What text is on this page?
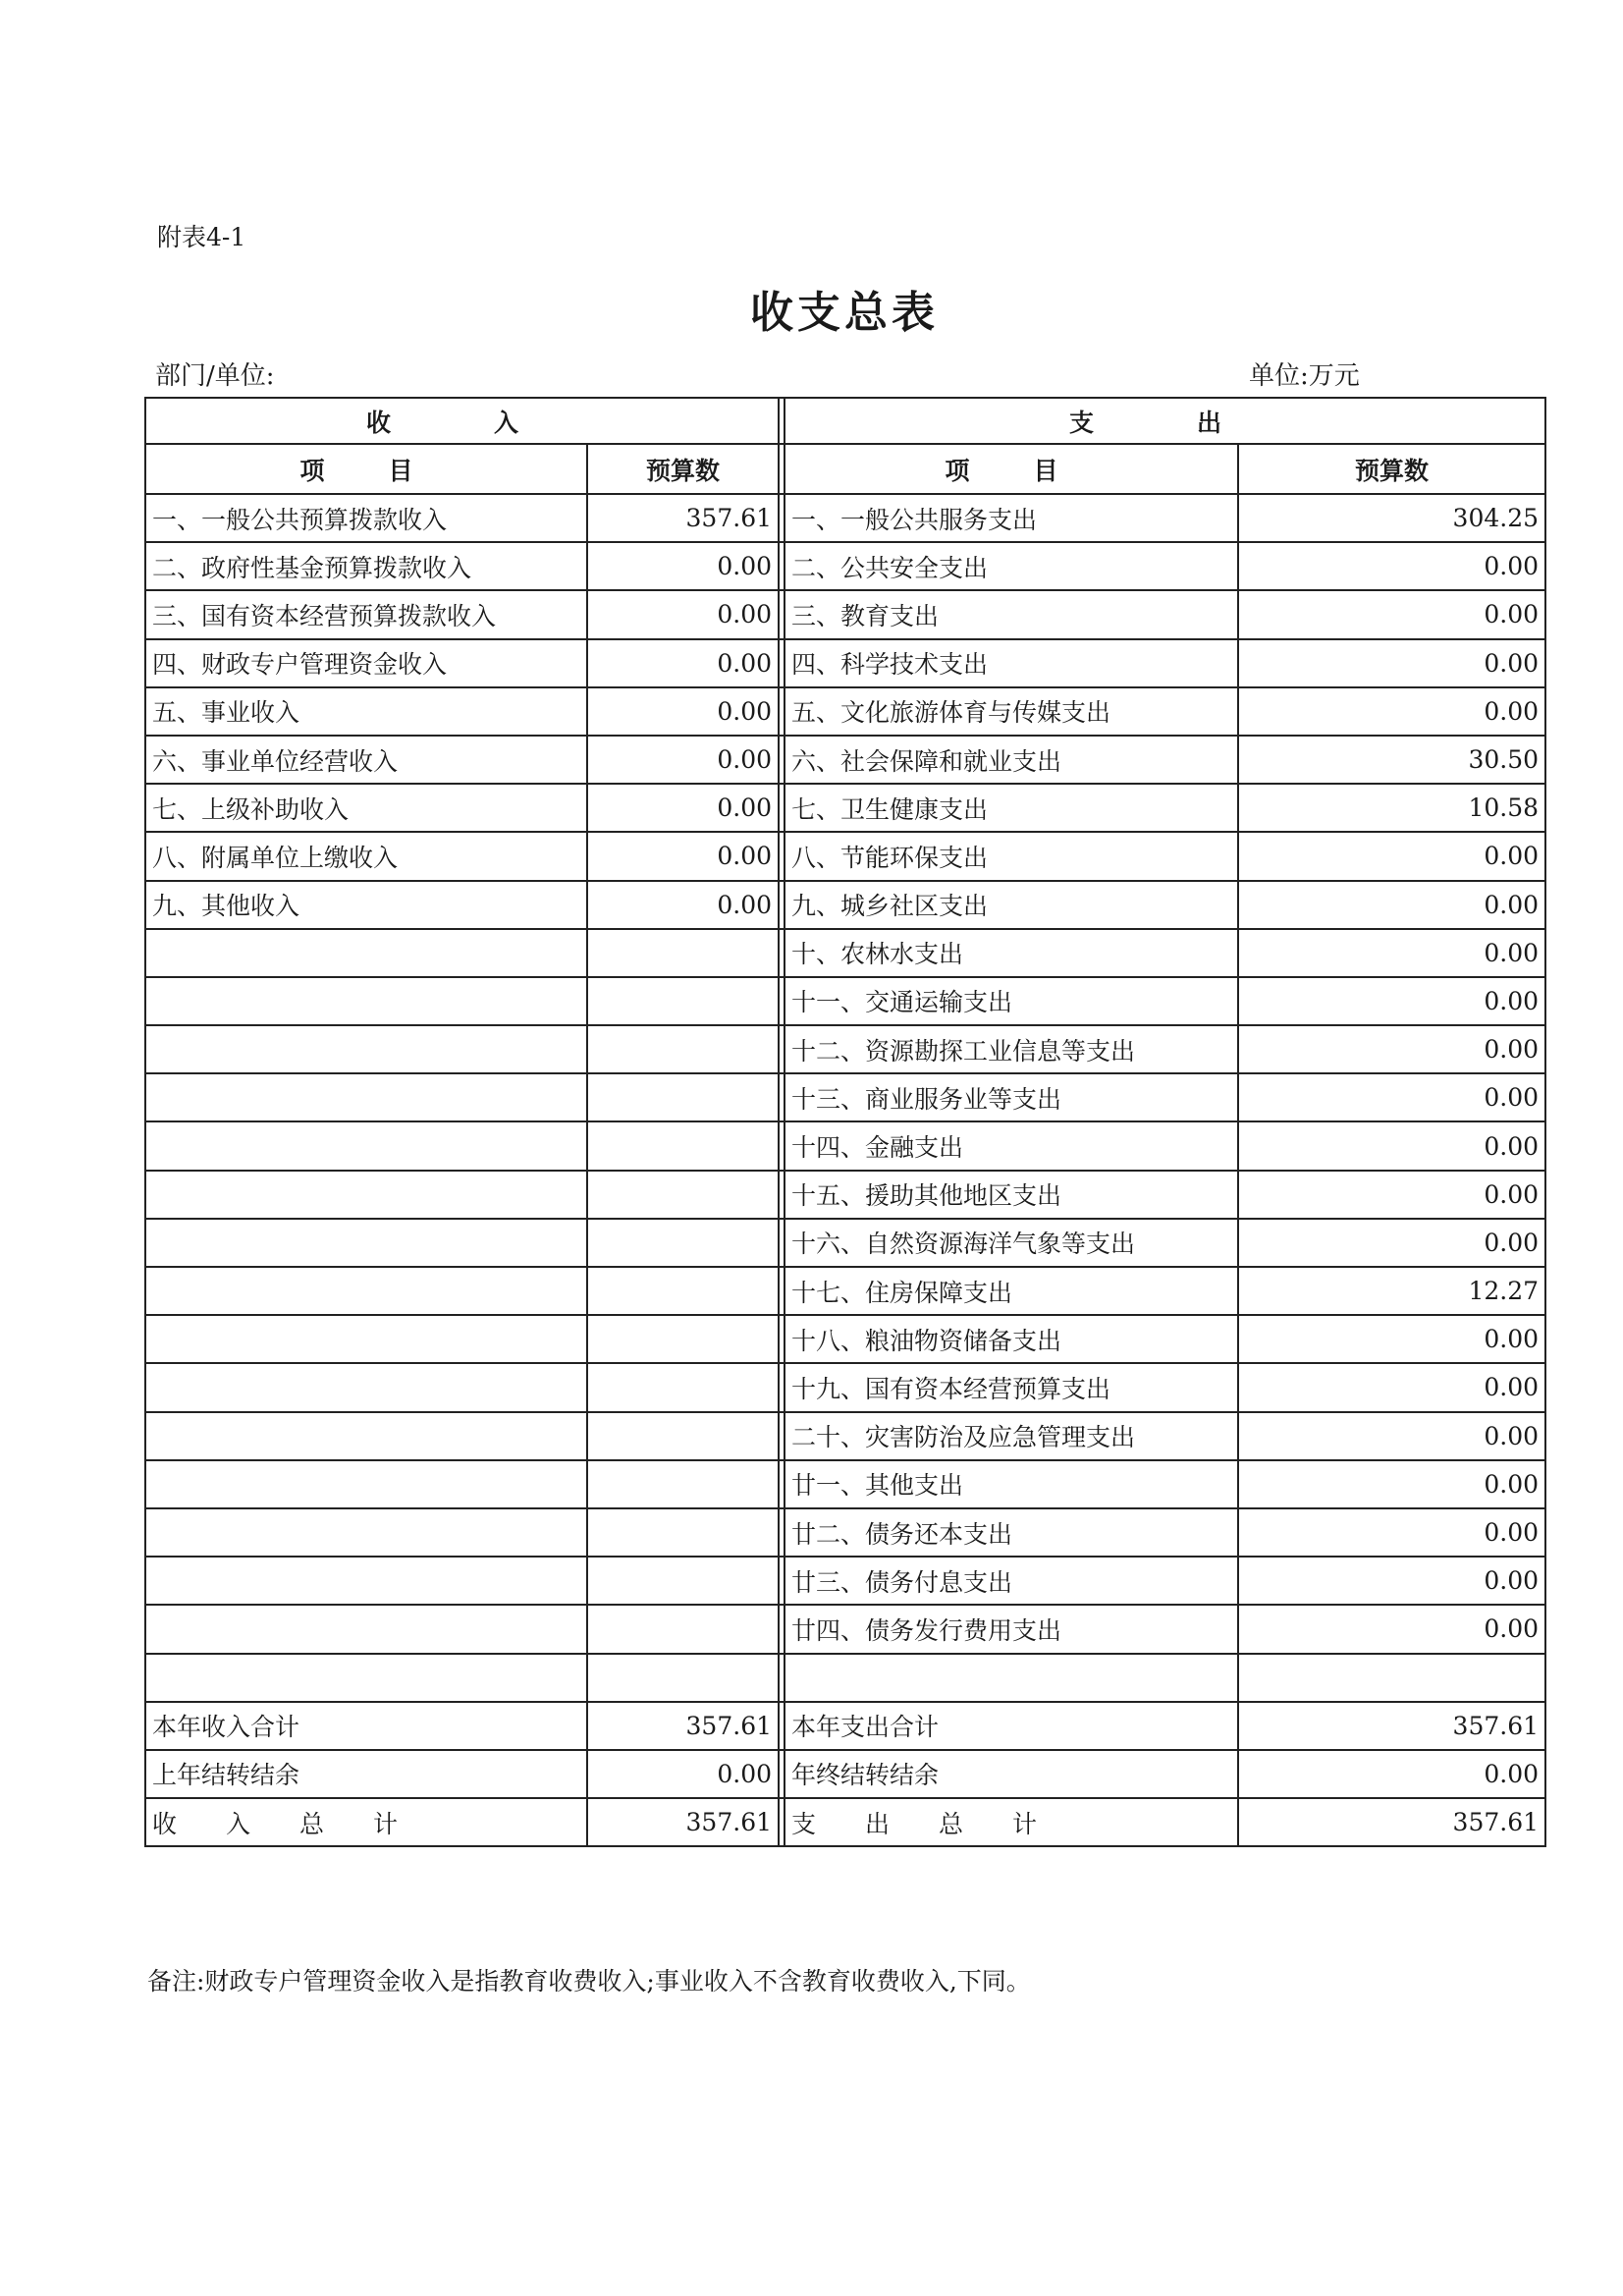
附表4-1
收支总表
部门/单位:	单位:万元
收　入			支　出	
项　目	预算数		项　目	预算数
一、一般公共预算拨款收入	357.61		一、一般公共服务支出	304.25
二、政府性基金预算拨款收入	0.00		二、公共安全支出	0.00
三、国有资本经营预算拨款收入	0.00		三、教育支出	0.00
四、财政专户管理资金收入	0.00		四、科学技术支出	0.00
五、事业收入	0.00		五、文化旅游体育与传媒支出	0.00
六、事业单位经营收入	0.00		六、社会保障和就业支出	30.50
七、上级补助收入	0.00		七、卫生健康支出	10.58
八、附属单位上缴收入	0.00		八、节能环保支出	0.00
九、其他收入	0.00		九、城乡社区支出	0.00
			十、农林水支出	0.00
			十一、交通运输支出	0.00
			十二、资源勘探工业信息等支出	0.00
			十三、商业服务业等支出	0.00
			十四、金融支出	0.00
			十五、援助其他地区支出	0.00
			十六、自然资源海洋气象等支出	0.00
			十七、住房保障支出	12.27
			十八、粮油物资储备支出	0.00
			十九、国有资本经营预算支出	0.00
			二十、灾害防治及应急管理支出	0.00
			廿一、其他支出	0.00
			廿二、债务还本支出	0.00
			廿三、债务付息支出	0.00
			廿四、债务发行费用支出	0.00

本年收入合计	357.61		本年支出合计	357.61
上年结转结余	0.00		年终结转结余	0.00
收入总计	357.61		支出总计	357.61
备注:财政专户管理资金收入是指教育收费收入;事业收入不含教育收费收入,下同。
